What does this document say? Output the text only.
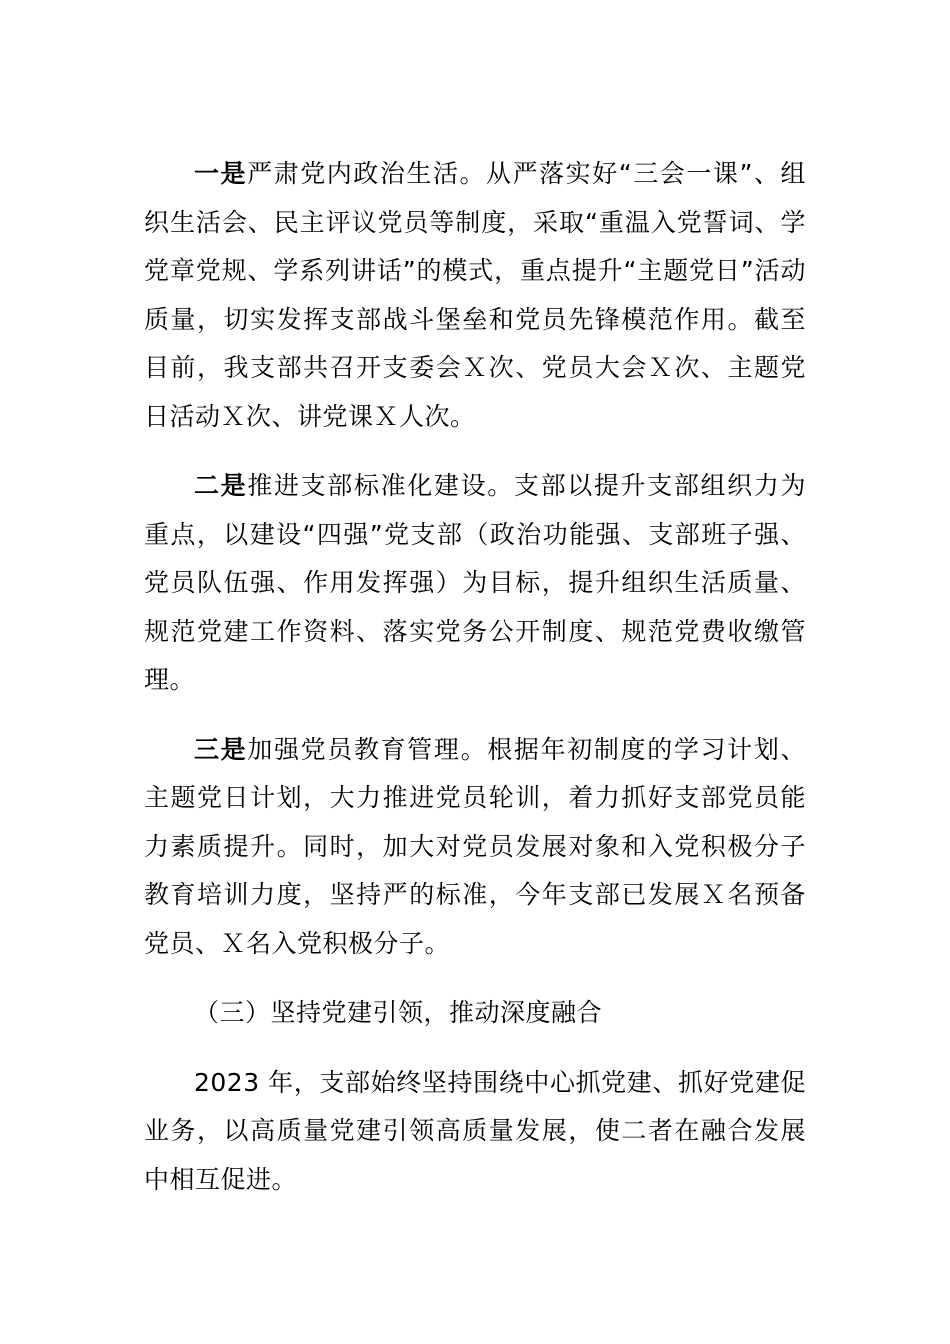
一是严肃党内政治生活。从严落实好“三会一课”、组织生活会、民主评议党员等制度，采取“重温入党誓词、学党章党规、学系列讲话”的模式，重点提升“主题党日”活动质量，切实发挥支部战斗堡垒和党员先锋模范作用。截至目前，我支部共召开支委会Ｘ次、党员大会Ｘ次、主题党日活动Ｘ次、讲党课Ｘ人次。

二是推进支部标准化建设。支部以提升支部组织力为重点，以建设“四强”党支部（政治功能强、支部班子强、党员队伍强、作用发挥强）为目标，提升组织生活质量、规范党建工作资料、落实党务公开制度、规范党费收缴管理。

三是加强党员教育管理。根据年初制度的学习计划、主题党日计划，大力推进党员轮训，着力抓好支部党员能力素质提升。同时，加大对党员发展对象和入党积极分子教育培训力度，坚持严的标准，今年支部已发展Ｘ名预备党员、Ｘ名入党积极分子。

（三）坚持党建引领，推动深度融合

2023 年，支部始终坚持围绕中心抓党建、抓好党建促业务，以高质量党建引领高质量发展，使二者在融合发展中相互促进。
